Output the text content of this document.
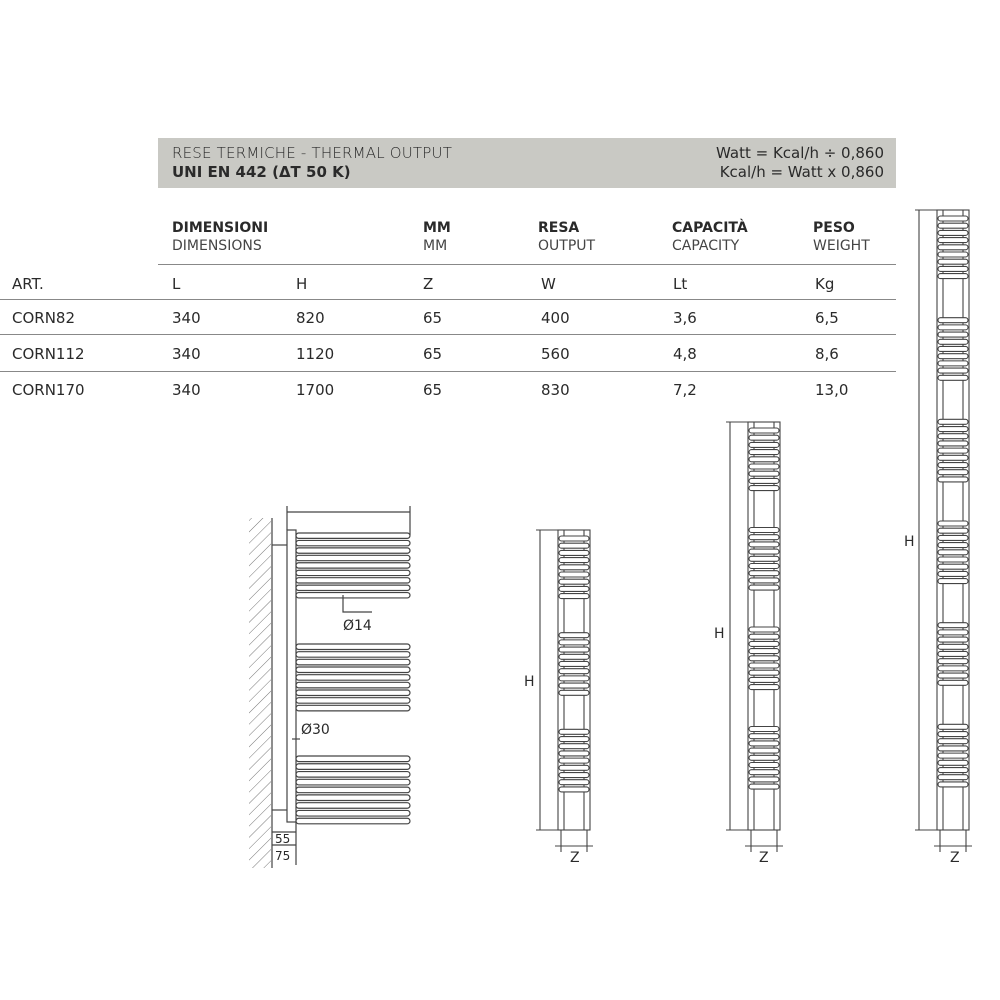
RESE TERMICHE - THERMAL OUTPUT
UNI EN 442 (ΔT 50 K)
Watt = Kcal/h ÷ 0,860
Kcal/h = Watt x 0,860
DIMENSIONI
DIMENSIONS
MM
MM
RESA
OUTPUT
CAPACITÀ
CAPACITY
PESO
WEIGHT
ART.	L	H	Z	W	Lt	Kg
CORN82	340	820	65	400	3,6	6,5
CORN112	340	1120	65	560	4,8	8,6
CORN170	340	1700	65	830	7,2	13,0
Ø14
Ø30
55
75
H
Z
H
Z
H
Z
